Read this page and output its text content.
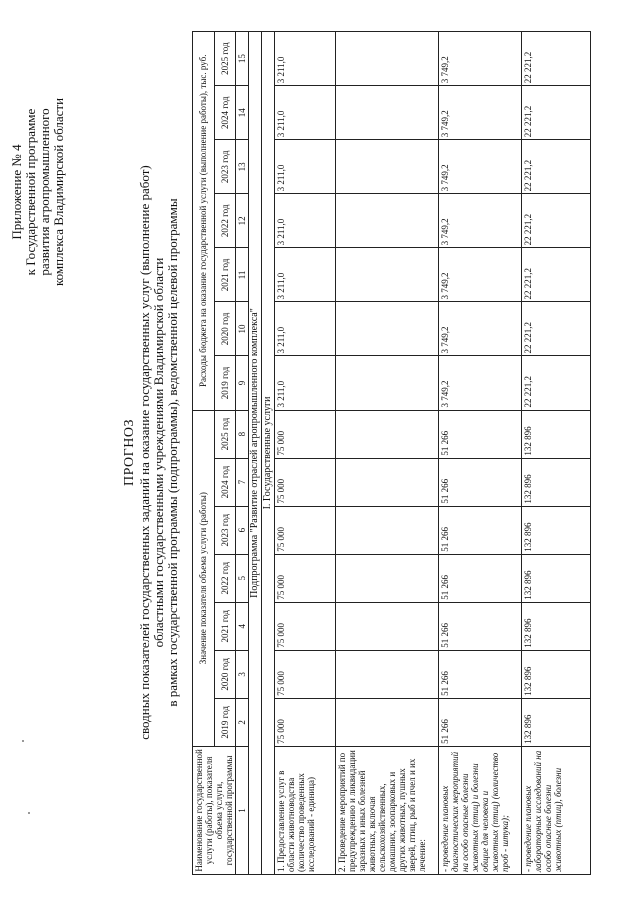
Приложение № 4 к Государственной программе развития агропромышленного комплекса Владимирской области
ПРОГНОЗ сводных показателей государственных заданий на оказание государственных услуг (выполнение работ) областными государственными учреждениями Владимирской области в рамках государственной программы (подпрограммы), ведомственной целевой программы
Наименование государственной услуги (работы), показателя объема услуги, государственной программы	Значение показателя объема услуги (работы)							Расходы бюджета на оказание государственной услуги (выполнение работы), тыс. руб.						
	2019 год	2020 год	2021 год	2022 год	2023 год	2024 год	2025 год	2019 год	2020 год	2021 год	2022 год	2023 год	2024 год	2025 год
1	2	3	4	5	6	7	8	9	10	11	12	13	14	15
Подпрограмма "Развитие отраслей агропромышленного комплекса"														
I. Государственные услуги														
1. Предоставление услуг в области животноводства (количество проведенных исследований - единица)	75 000	75 000	75 000	75 000	75 000	75 000	75 000	3 211,0	3 211,0	3 211,0	3 211,0	3 211,0	3 211,0	3 211,0
2. Проведение мероприятий по предупреждению и ликвидации заразных и иных болезней животных, включая сельскохозяйственных, домашних, зоопарковых и других животных, пушных зверей, птиц, рыб и пчел и их лечение:														
- проведение плановых диагностических мероприятий на особо опасные болезни животных (птиц) и болезни общие для человека и животных (птиц) (количество проб - штука);	51 266	51 266	51 266	51 266	51 266	51 266	51 266	3 749,2	3 749,2	3 749,2	3 749,2	3 749,2	3 749,2	3 749,2
- проведение плановых лабораторных исследований на особо опасные болезни животных (птиц), болезни	132 896	132 896	132 896	132 896	132 896	132 896	132 896	22 221,2	22 221,2	22 221,2	22 221,2	22 221,2	22 221,2	22 221,2
